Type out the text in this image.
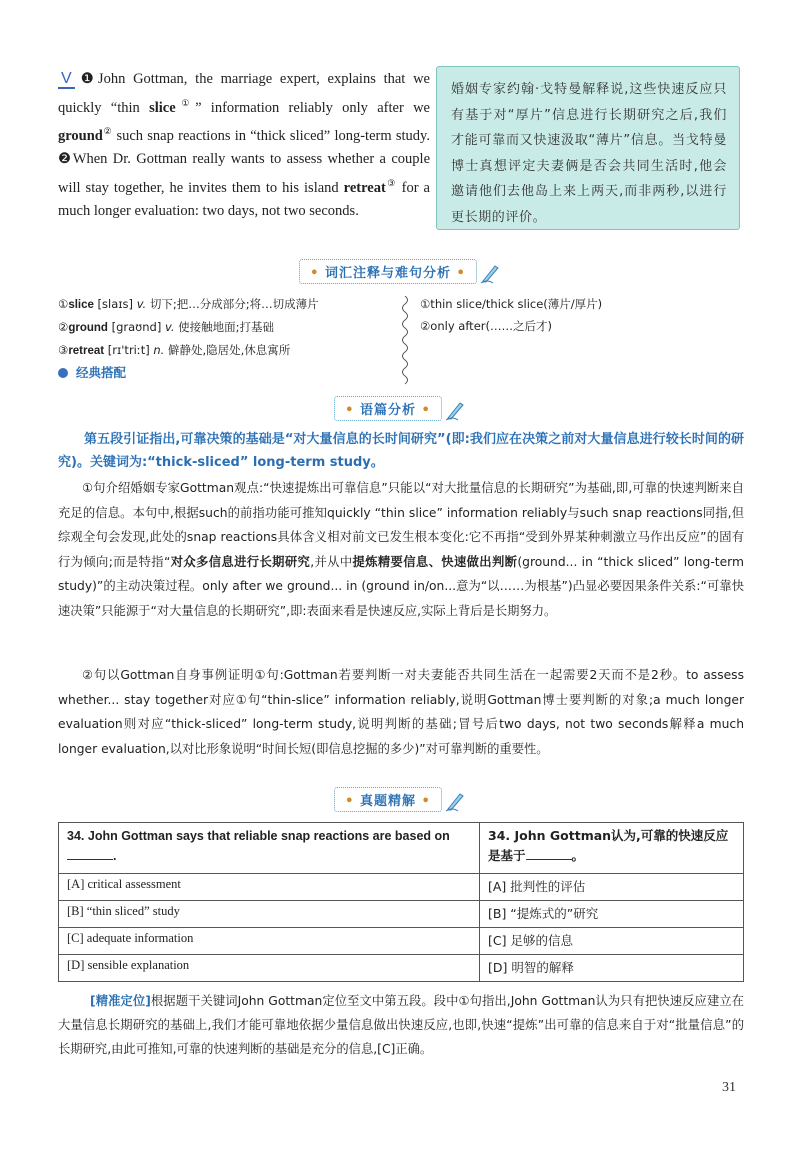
V ❶John Gottman, the marriage expert, explains that we quickly “thin slice①” information reliably only after we ground② such snap reactions in “thick sliced” long-term study. ❷When Dr. Gottman really wants to assess whether a couple will stay together, he invites them to his island retreat③ for a much longer evaluation: two days, not two seconds.
婚姻专家约翰·戈特曼解释说,这些快速反应只有基于对“厚片”信息进行长期研究之后,我们才能可靠而又快速汲取“薄片”信息。当戈特曼博士真想评定夫妻俩是否会共同生活时,他会邀请他们去他岛上来上两天,而非两秒,以进行更长期的评价。
• 词汇注释与难句分析 •
①slice [slaɪs] v. 切下;把…分成部分;将…切成薄片
②ground [graʊnd] v. 使接触地面;打基础
③retreat [rɪ'triːt] n. 僻静处,隐居处,休息寓所
①thin slice/thick slice(薄片/厚片)
②only after(……之后才)
经典搭配
• 语篇分析 •
第五段引证指出,可靠决策的基础是“对大量信息的长时间研究”(即:我们应在决策之前对大量信息进行较长时间的研究)。关键词为:“thick-sliced” long-term study。
①句介绍婚姻专家Gottman观点:“快速提炼出可靠信息”只能以“对大批量信息的长期研究”为基础,即,可靠的快速判断来自充足的信息。本句中,根据such的前指功能可推知quickly “thin slice” information reliably与such snap reactions同指,但综观全句会发现,此处的snap reactions具体含义相对前文已发生根本变化:它不再指“受到外界某种刺激立马作出反应”的固有行为倾向;而是特指“对众多信息进行长期研究,并从中提炼精要信息、快速做出判断(ground... in “thick sliced” long-term study)”的主动决策过程。only after we ground... in (ground in/on...意为“以……为根基”)凸显必要因果条件关系:“可靠快速决策”只能源于“对大量信息的长期研究”,即:表面来看是快速反应,实际上背后是长期努力。
②句以Gottman自身事例证明①句:Gottman若要判断一对夫妻能否共同生活在一起需要2天而不是2秒。to assess whether... stay together对应①句“thin-slice” information reliably,说明Gottman博士要判断的对象;a much longer evaluation则对应“thick-sliced” long-term study,说明判断的基础;冒号后two days, not two seconds解释a much longer evaluation,以对比形象说明“时间长短(即信息挖掘的多少)”对可靠判断的重要性。
• 真题精解 •
34. John Gottman says that reliable snap reactions are based on .	34. John Gottman认为,可靠的快速反应是基于 。
[A] critical assessment	[A] 批判性的评估
[B] “thin sliced” study	[B] “提炼式的”研究
[C] adequate information	[C] 足够的信息
[D] sensible explanation	[D] 明智的解释
[精准定位]根据题干关键词John Gottman定位至文中第五段。段中①句指出,John Gottman认为只有把快速反应建立在大量信息长期研究的基础上,我们才能可靠地依据少量信息做出快速反应,也即,快速“提炼”出可靠的信息来自于对“批量信息”的长期研究,由此可推知,可靠的快速判断的基础是充分的信息,[C]正确。
31
